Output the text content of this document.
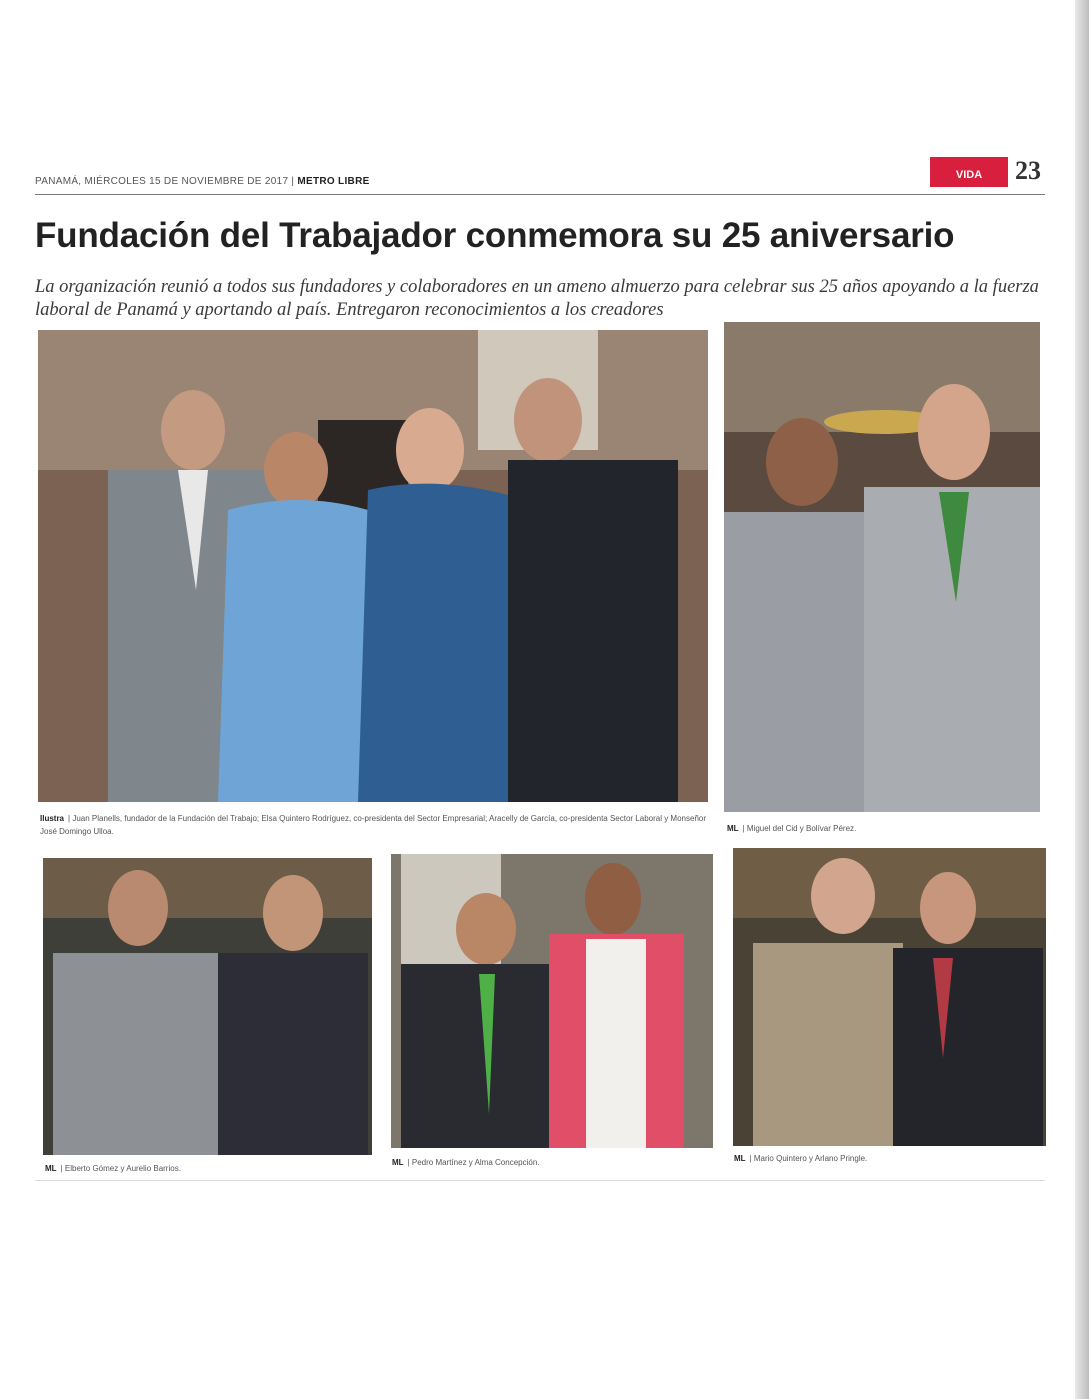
PANAMÁ, MIÉRCOLES 15 DE NOVIEMBRE DE 2017 | METRO LIBRE
VIDA	23
Fundación del Trabajador conmemora su 25 aniversario
La organización reunió a todos sus fundadores y colaboradores en un ameno almuerzo para celebrar sus 25 años apoyando a la fuerza laboral de Panamá y aportando al país. Entregaron reconocimientos a los creadores
Ilustra | Juan Planells, fundador de la Fundación del Trabajo; Elsa Quintero Rodríguez, co-presidenta del Sector Empresarial; Aracelly de García, co-presidenta Sector Laboral y Monseñor José Domingo Ulloa.	ML | Miguel del Cid y Bolívar Pérez.
ML | Elberto Gómez y Aurelio Barrios.
ML | Pedro Martínez y Alma Concepción.	ML | Mario Quintero y Arlano Pringle.
